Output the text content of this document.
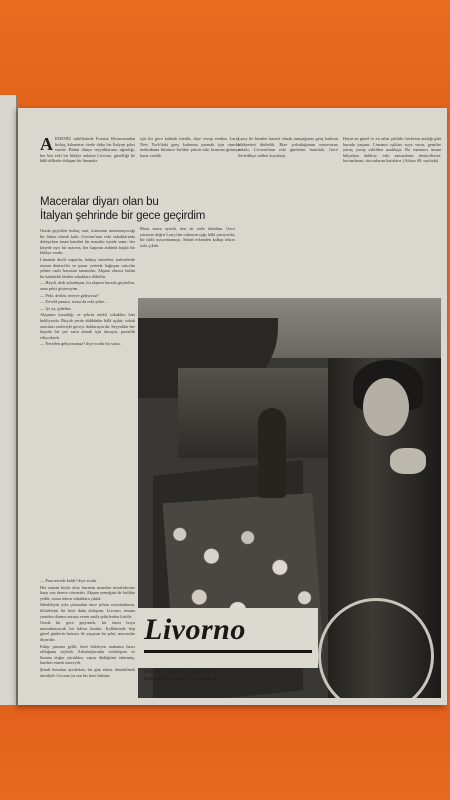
A KDENİZ sahillerinde Fransız Rivierasından birkaç kilometre ötede daha bir İtalyan şehri vardır: Bütün dünya seyyahlarının uğradığı, her biri eski bir hikâye anlatan Livorno, güzelliği ile hâlâ dillerde dolaşan bir limandır.
için bir gece kalmak istedik, diye cevap verdim. Larry, New York'daki genç kadınına yazmak için oturdu; mektubunu bitirince birlikte şehrin eski kısmına gitmeye karar verdik.
Larry ile beraber kararlı olarak tanıştığımız genç kadının hikâyesini dinledik. Bize yolculuğunun macerasını anlattı, Livorno'nun eski günlerini hatırladı. Gece ilerledikçe sohbet koyulaştı.
Hayat en güzel ve en rahat şekilde, herkesin aradığı gibi burada yaşanır. Limanın ışıkları suya vurur, gemiler yavaş yavaş sahilden uzaklaşır. Bu manzara insanı hülyalara daldırır; eski zamanların denizcilerini, korsanlarını, tüccarlarını hatırlatır. (Arkası 68. sayfada)
Maceralar diyarı olan bu
İtalyan şehrinde bir gece geçirdim
Biraz sonra ayrıldı, ben de otele döndüm. Gece yarısına doğru Larry'nin odasının ışığı hâlâ yanıyordu; bir türlü uyuyamamıştı. Sabah erkenden kalkıp tekrar yola çıktık.

Orada geçirilen birkaç saat, kimsenin unutamayacağı bir hâtıra olarak kalır. Livorno'nun eski sokaklarında dolaşırken insan kendini bir masalın içinde sanır; her köşede ayrı bir macera, her kapının ardında başka bir hikâye vardır.

Limanda dizili vapurlar, balıkçı tekneleri, kahvelerde oturan denizciler ve pazar yerinde bağrışan satıcılar şehrin canlı havasını tamamlar. Akşam olunca bütün bu kalabalık birden sokaklara dökülür.

— Haydi, dedi arkadaşım, bu akşamı burada geçirelim, sana şehri göstereyim.

— Peki, dedim, nereye gidiyoruz?

— Evvelâ pazara, sonra da eski şehre...

— İyi ya, gidelim.

Akşamın karanlığı ve şehrin renkli sokakları bizi bekliyordu. Birçok yerde dükkânlar hâlâ açıktı; sokak satıcıları sesleriyle geceyi dolduruyordu. Seyyahlar her köşede bir şey satın almak için duruyor, pazarlık ediyorlardı.

— Nereden geliyorsunuz? diye sordu bir satıcı.

— Para nerede kaldı? diye sordu.

Her zaman böyle olur; buranın insanları misafirlerine karşı son derece cömerttir. Akşam yemeğini de birlikte yedik, sonra tekrar sokaklara çıktık.

Sabahleyin yola çıkmadan önce şehrin meydanlarını, kiliselerini bir kere daha dolaştım. Livorno, insana yeniden dönme arzusu veren nadir şehirlerden biridir.

Orada bir gece geçirmek, bir ömür boyu unutulmayacak bir hâtıra bırakır. Kalbimizde hep güzel günlerin hatırası ile yaşayan bu şehir, maceralar diyarıdır.

Kâtip yanıma geldi, beni bekleyen arabanın hazır olduğunu söyledi. Arkadaşlarımla vedalaştım ve limana doğru yürüdüm; vapur düdüğünü öttürmüş, hareket etmek üzereydi.

Şimdi buradan ayrılırken, bir gün tekrar dönebilmek ümidiyle Livorno'ya son bir kere baktım.

Livorno
YAZAN: ROBERT JOHNSON
NAKLEDEN: NURETTİN NUR
